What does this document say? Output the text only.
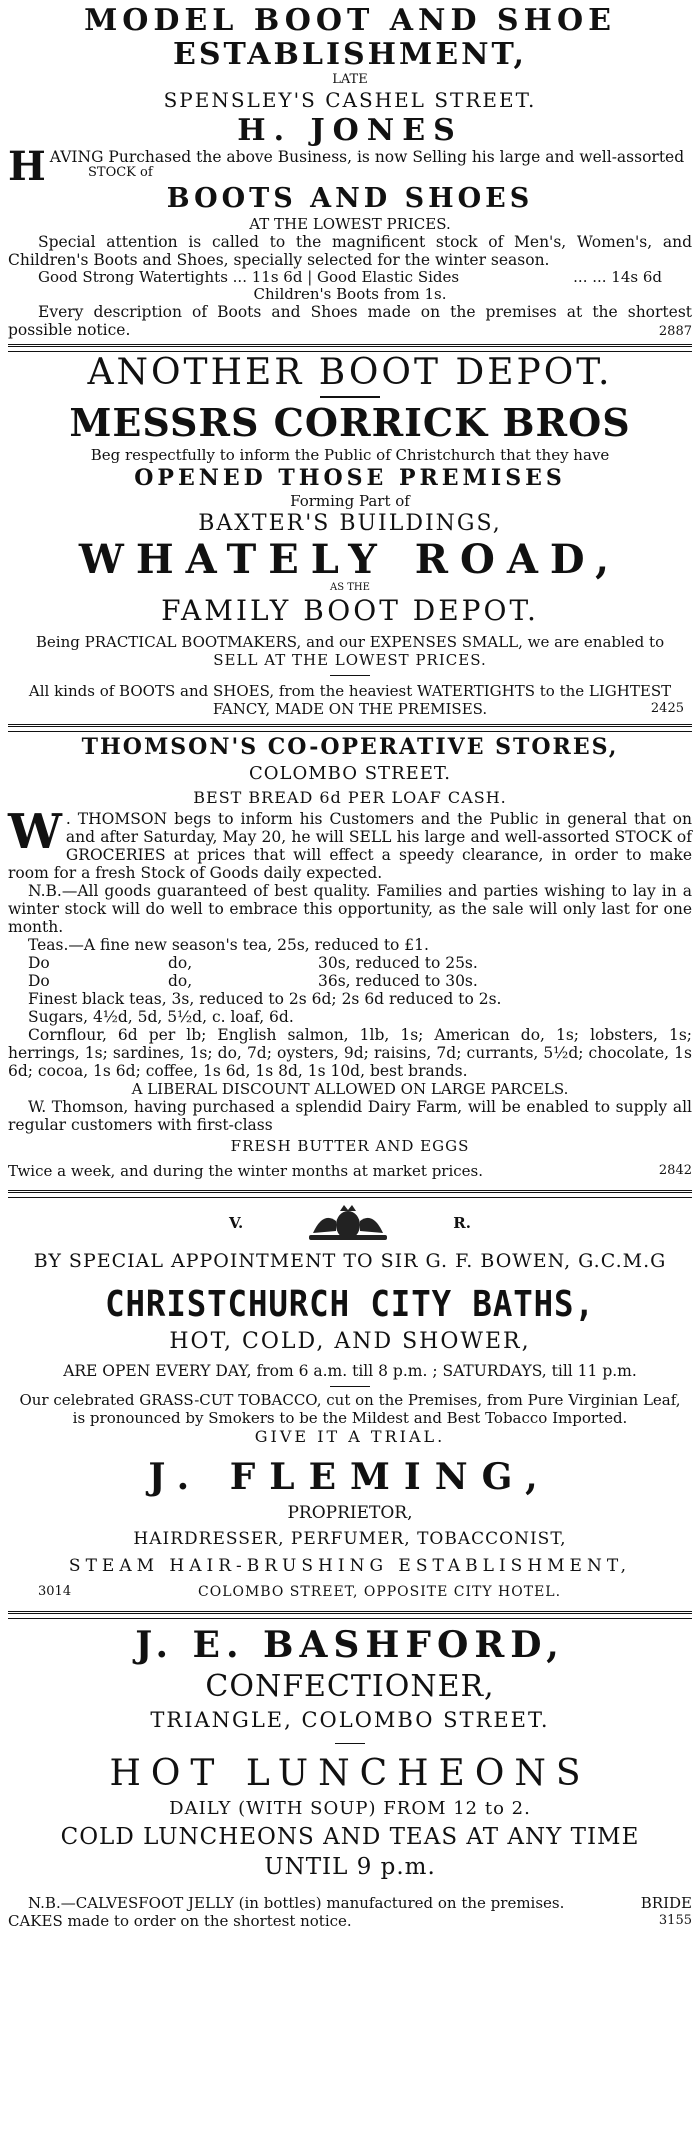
MODEL BOOT AND SHOE
ESTABLISHMENT,
LATE
SPENSLEY'S CASHEL STREET.
H. JONES
H AVING Purchased the above Business, is now Selling his large and well-assorted
STOCK of
BOOTS AND SHOES
AT THE LOWEST PRICES.
Special attention is called to the magnificent stock of Men's, Women's, and Children's Boots and Shoes, specially selected for the winter season.
Good Strong Watertights ... 11s 6d | Good Elastic Sides	... ... 14s 6d
Children's Boots from 1s.
Every description of Boots and Shoes made on the premises at the shortest possible notice.	2887
ANOTHER BOOT DEPOT.
MESSRS CORRICK BROS
Beg respectfully to inform the Public of Christchurch that they have
OPENED THOSE PREMISES
Forming Part of
BAXTER'S BUILDINGS,
WHATELY ROAD,
AS THE
FAMILY BOOT DEPOT.
Being PRACTICAL BOOTMAKERS, and our EXPENSES SMALL, we are enabled to
SELL AT THE LOWEST PRICES.
All kinds of BOOTS and SHOES, from the heaviest WATERTIGHTS to the LIGHTEST
FANCY, MADE ON THE PREMISES.	2425
THOMSON'S CO-OPERATIVE STORES,
COLOMBO STREET.
BEST BREAD 6d PER LOAF CASH.
W . THOMSON begs to inform his Customers and the Public in general that on and after Saturday, May 20, he will SELL his large and well-assorted STOCK of GROCERIES at prices that will effect a speedy clearance, in order to make room for a fresh Stock of Goods daily expected.
N.B.—All goods guaranteed of best quality. Families and parties wishing to lay in a winter stock will do well to embrace this opportunity, as the sale will only last for one month.
Teas.—A fine new season's tea, 25s, reduced to £1.
Do	do,	30s, reduced to 25s.
Do	do,	36s, reduced to 30s.
Finest black teas, 3s, reduced to 2s 6d; 2s 6d reduced to 2s.
Sugars, 4½d, 5d, 5½d, c. loaf, 6d.
Cornflour, 6d per lb; English salmon, 1lb, 1s; American do, 1s; lobsters, 1s; herrings, 1s; sardines, 1s; do, 7d; oysters, 9d; raisins, 7d; currants, 5½d; chocolate, 1s 6d; cocoa, 1s 6d; coffee, 1s 6d, 1s 8d, 1s 10d, best brands.
A LIBERAL DISCOUNT ALLOWED ON LARGE PARCELS.
W. Thomson, having purchased a splendid Dairy Farm, will be enabled to supply all regular customers with first-class
FRESH BUTTER AND EGGS
Twice a week, and during the winter months at market prices.	2842
V.	R.
BY SPECIAL APPOINTMENT TO SIR G. F. BOWEN, G.C.M.G
CHRISTCHURCH CITY BATHS,
HOT, COLD, AND SHOWER,
ARE OPEN EVERY DAY, from 6 a.m. till 8 p.m. ; SATURDAYS, till 11 p.m.
Our celebrated GRASS-CUT TOBACCO, cut on the Premises, from Pure Virginian Leaf,
is pronounced by Smokers to be the Mildest and Best Tobacco Imported.
GIVE IT A TRIAL.
J. FLEMING,
PROPRIETOR,
HAIRDRESSER, PERFUMER, TOBACCONIST,
STEAM HAIR-BRUSHING ESTABLISHMENT,
3014	COLOMBO STREET, OPPOSITE CITY HOTEL.
J. E. BASHFORD,
CONFECTIONER,
TRIANGLE, COLOMBO STREET.
HOT LUNCHEONS
DAILY (WITH SOUP) FROM 12 to 2.
COLD LUNCHEONS AND TEAS AT ANY TIME
UNTIL 9 p.m.
N.B.—CALVESFOOT JELLY (in bottles) manufactured on the premises.	BRIDE
CAKES made to order on the shortest notice.	3155
